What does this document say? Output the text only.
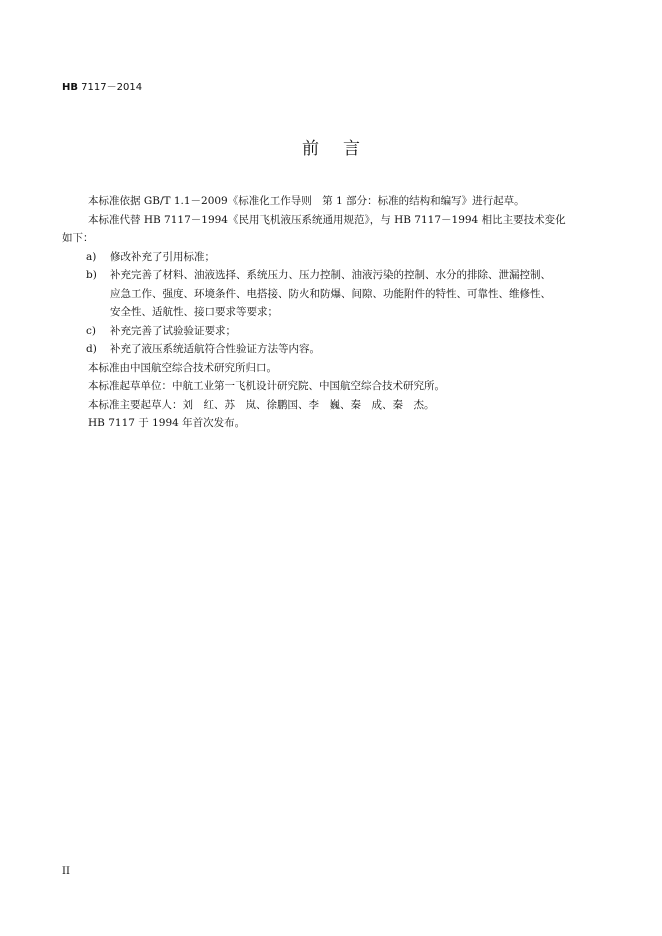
HB 7117－2014
前言
本标准依据 GB/T 1.1－2009《标准化工作导则　第 1 部分：标准的结构和编写》进行起草。
本标准代替 HB 7117－1994《民用飞机液压系统通用规范》，与 HB 7117－1994 相比主要技术变化
如下：
a) 修改补充了引用标准；
b) 补充完善了材料、油液选择、系统压力、压力控制、油液污染的控制、水分的排除、泄漏控制、
应急工作、强度、环境条件、电搭接、防火和防爆、间隙、功能附件的特性、可靠性、维修性、
安全性、适航性、接口要求等要求；
c) 补充完善了试验验证要求；
d) 补充了液压系统适航符合性验证方法等内容。
本标准由中国航空综合技术研究所归口。
本标准起草单位：中航工业第一飞机设计研究院、中国航空综合技术研究所。
本标准主要起草人：刘　红、苏　岚、徐鹏国、李　巍、秦　成、秦　杰。
HB 7117 于 1994 年首次发布。
II
